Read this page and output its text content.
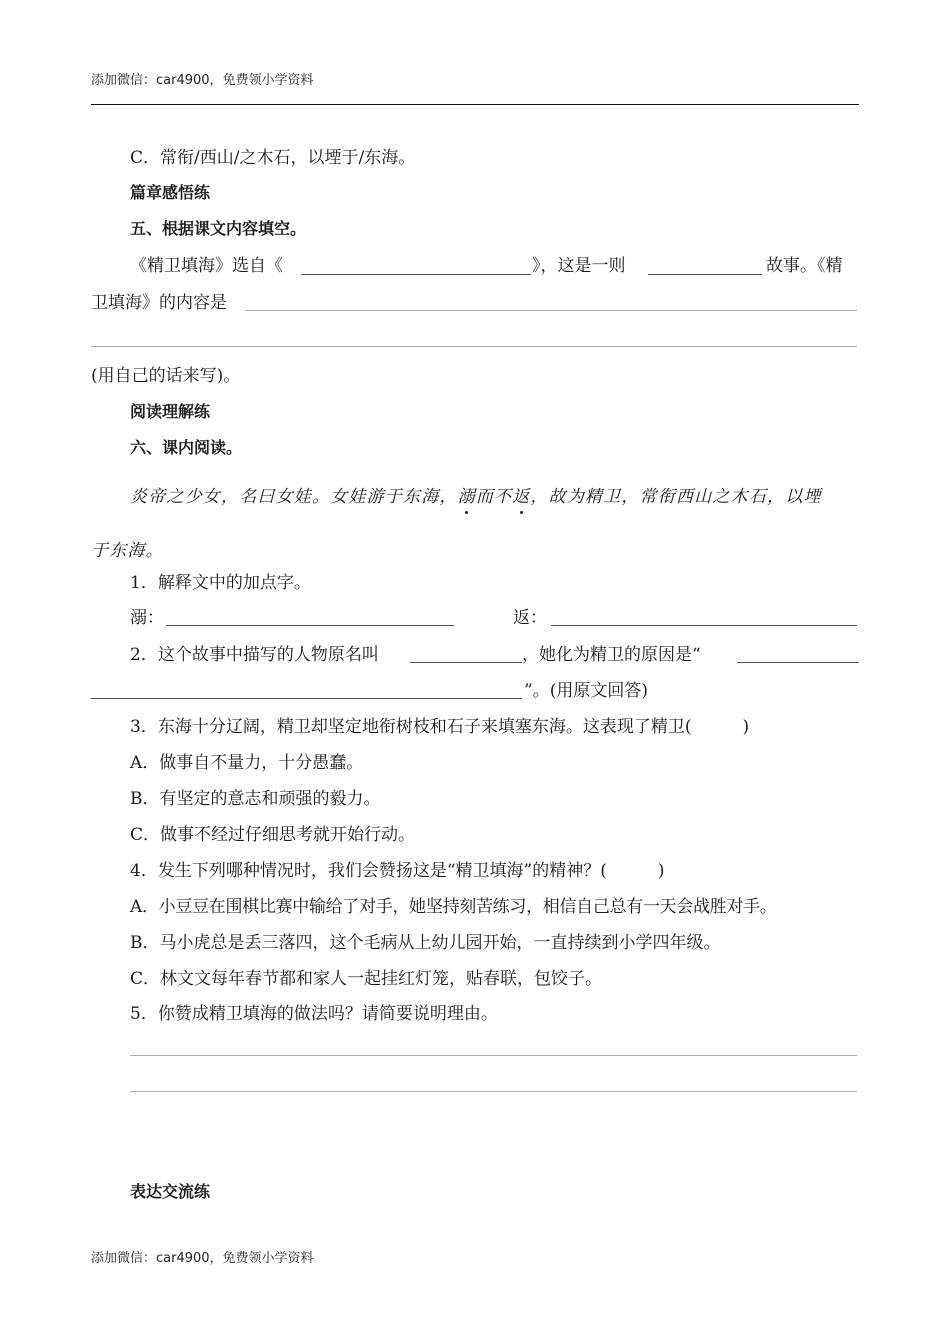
添加微信：car4900，免费领小学资料
C．常衔/西山/之木石，以堙于/东海。
篇章感悟练
五、根据课文内容填空。
《精卫填海》选自《	》，这是一则	故事。《精
卫填海》的内容是
(用自己的话来写)。
阅读理解练
六、课内阅读。
炎帝之少女，名曰女娃。女娃游于东海，溺而不返，故为精卫，常衔西山之木石，以堙
于东海。
1．解释文中的加点字。
溺：	返：
2．这个故事中描写的人物原名叫	，她化为精卫的原因是“
”。(用原文回答)
3．东海十分辽阔，精卫却坚定地衔树枝和石子来填塞东海。这表现了精卫(　　　)
A．做事自不量力，十分愚蠢。
B．有坚定的意志和顽强的毅力。
C．做事不经过仔细思考就开始行动。
4．发生下列哪种情况时，我们会赞扬这是“精卫填海”的精神？(　　　)
A．小豆豆在围棋比赛中输给了对手，她坚持刻苦练习，相信自己总有一天会战胜对手。
B．马小虎总是丢三落四，这个毛病从上幼儿园开始，一直持续到小学四年级。
C．林文文每年春节都和家人一起挂红灯笼，贴春联，包饺子。
5．你赞成精卫填海的做法吗？请简要说明理由。
表达交流练
添加微信：car4900，免费领小学资料
